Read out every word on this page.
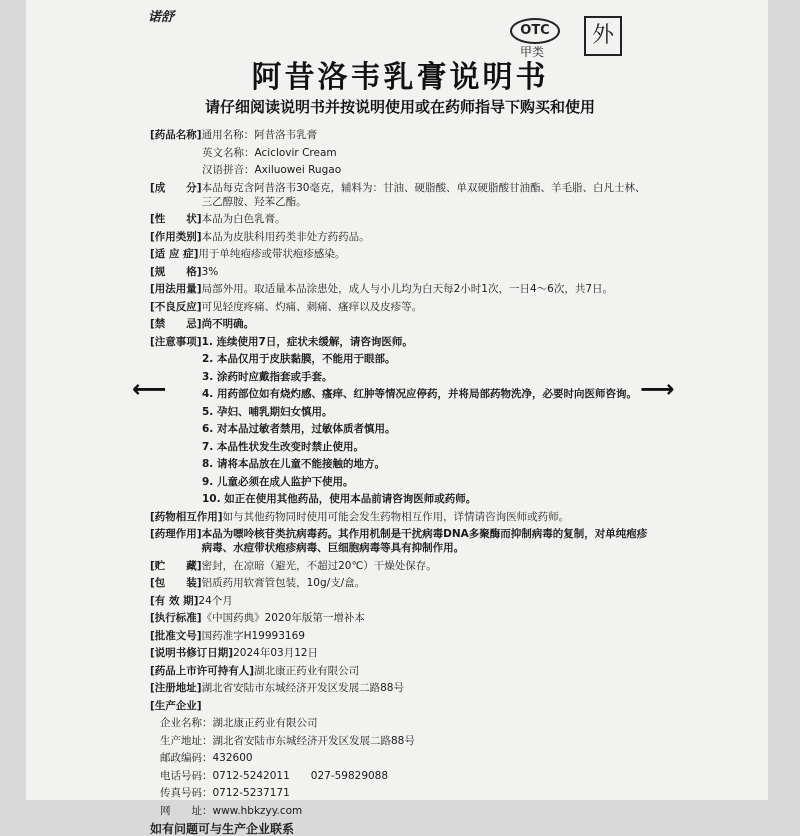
诺舒
OTC
甲类
外
阿昔洛韦乳膏说明书
请仔细阅读说明书并按说明使用或在药师指导下购买和使用
⟵	⟶
[药品名称] 通用名称：阿昔洛韦乳膏
英文名称：Aciclovir Cream
汉语拼音：Axiluowei Rugao
[成　　分] 本品每克含阿昔洛韦30毫克，辅料为：甘油、硬脂酸、单双硬脂酸甘油酯、羊毛脂、白凡士林、三乙醇胺、羟苯乙酯。
[性　　状] 本品为白色乳膏。
[作用类别] 本品为皮肤科用药类非处方药药品。
[适 应 症] 用于单纯疱疹或带状疱疹感染。
[规　　格] 3%
[用法用量] 局部外用。取适量本品涂患处，成人与小儿均为白天每2小时1次，一日4～6次，共7日。
[不良反应] 可见轻度疼痛、灼痛、刺痛、瘙痒以及皮疹等。
[禁　　忌] 尚不明确。
[注意事项] 1. 连续使用7日，症状未缓解，请咨询医师。
2. 本品仅用于皮肤黏膜，不能用于眼部。
3. 涂药时应戴指套或手套。
4. 用药部位如有烧灼感、瘙痒、红肿等情况应停药，并将局部药物洗净，必要时向医师咨询。
5. 孕妇、哺乳期妇女慎用。
6. 对本品过敏者禁用，过敏体质者慎用。
7. 本品性状发生改变时禁止使用。
8. 请将本品放在儿童不能接触的地方。
9. 儿童必须在成人监护下使用。
10. 如正在使用其他药品，使用本品前请咨询医师或药师。
[药物相互作用] 如与其他药物同时使用可能会发生药物相互作用，详情请咨询医师或药师。
[药理作用] 本品为嘌呤核苷类抗病毒药。其作用机制是干扰病毒DNA多聚酶而抑制病毒的复制，对单纯疱疹病毒、水痘带状疱疹病毒、巨细胞病毒等具有抑制作用。
[贮　　藏] 密封，在凉暗（避光，不超过20℃）干燥处保存。
[包　　装] 铝质药用软膏管包装，10g/支/盒。
[有 效 期] 24个月
[执行标准] 《中国药典》2020年版第一增补本
[批准文号] 国药准字H19993169
[说明书修订日期] 2024年03月12日
[药品上市许可持有人] 湖北康正药业有限公司
[注册地址] 湖北省安陆市东城经济开发区发展二路88号
[生产企业]
企业名称：湖北康正药业有限公司
生产地址：湖北省安陆市东城经济开发区发展二路88号
邮政编码：432600
电话号码：0712-5242011　　027-59829088
传真号码：0712-5237171
网　　址：www.hbkzyy.com
如有问题可与生产企业联系
